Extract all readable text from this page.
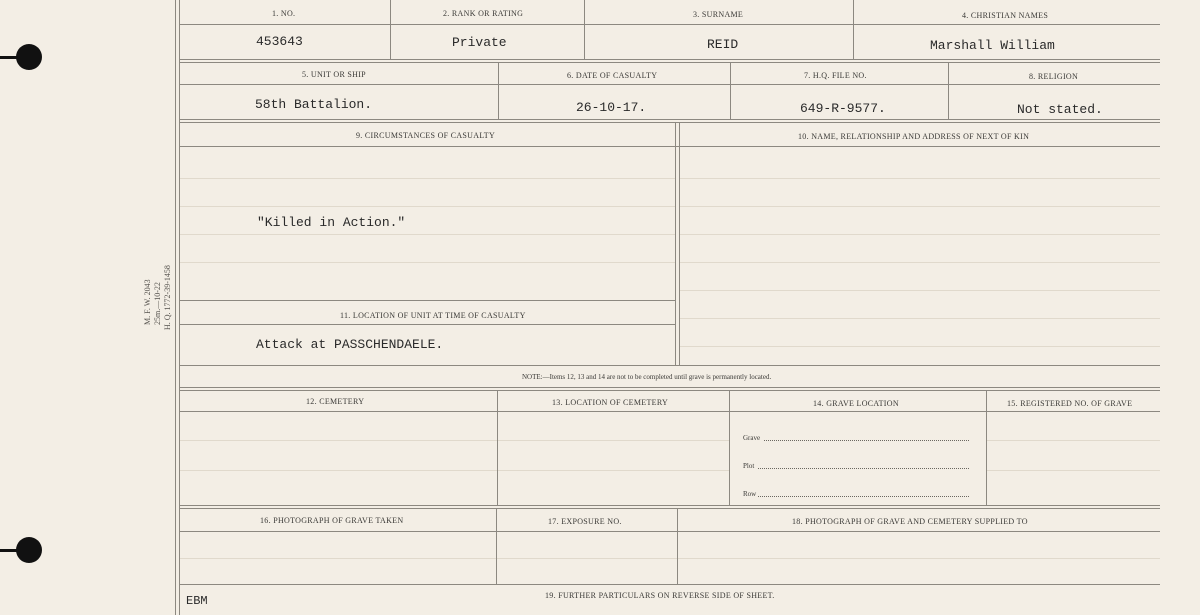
M. F. W. 2043 25m.—10-22 H. Q. 1772-39-1458
1. NO.	2. RANK OR RATING	3. SURNAME	4. CHRISTIAN NAMES
453643	Private	REID	Marshall William
5. UNIT OR SHIP	6. DATE OF CASUALTY	7. H.Q. FILE NO.	8. RELIGION
58th Battalion.	26-10-17.	649-R-9577.	Not stated.
9. CIRCUMSTANCES OF CASUALTY	10. NAME, RELATIONSHIP AND ADDRESS OF NEXT OF KIN
"Killed in Action."
11. LOCATION OF UNIT AT TIME OF CASUALTY
Attack at PASSCHENDAELE.
NOTE:—Items 12, 13 and 14 are not to be completed until grave is permanently located.
12. CEMETERY	13. LOCATION OF CEMETERY	14. GRAVE LOCATION	15. REGISTERED NO. OF GRAVE
Grave
Plot
Row
16. PHOTOGRAPH OF GRAVE TAKEN	17. EXPOSURE NO.	18. PHOTOGRAPH OF GRAVE AND CEMETERY SUPPLIED TO
19. FURTHER PARTICULARS ON REVERSE SIDE OF SHEET.
EBM
